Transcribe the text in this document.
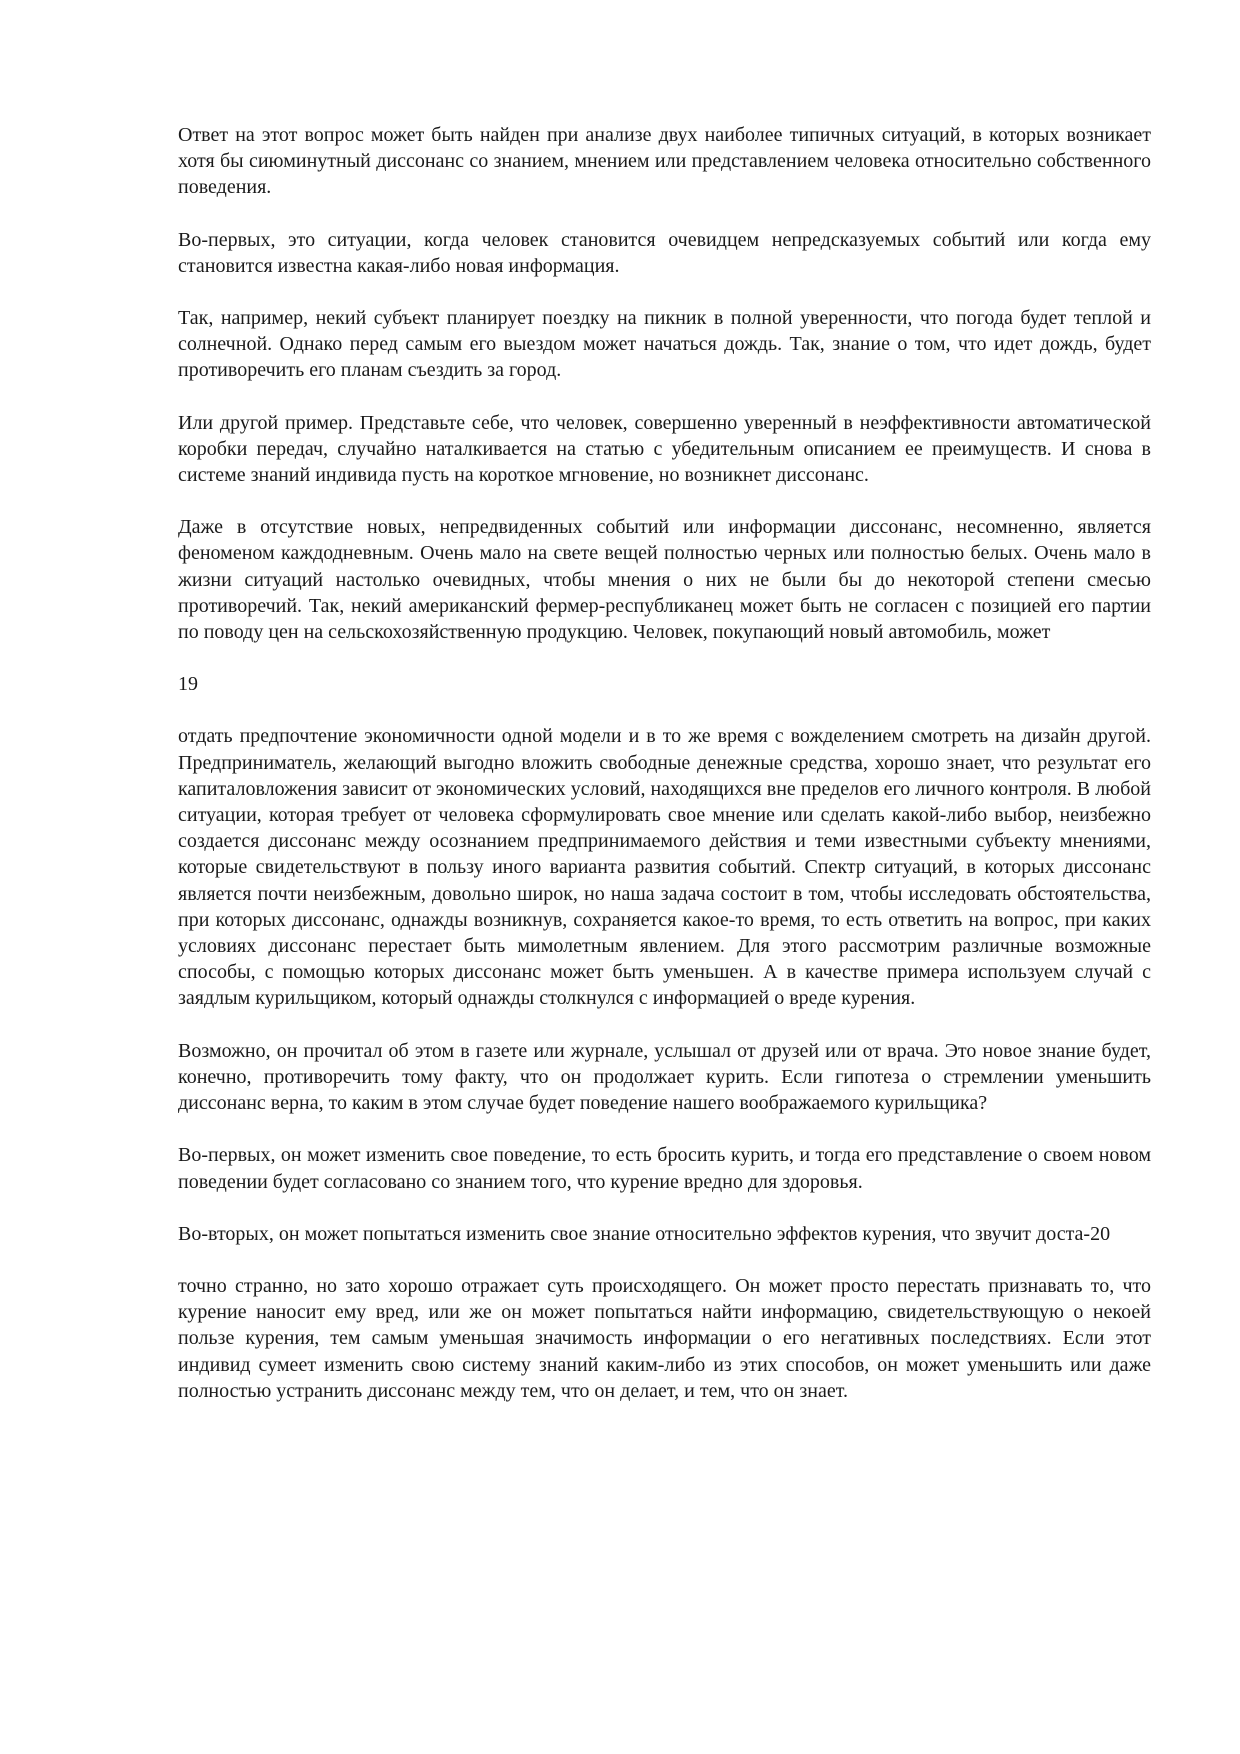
Ответ на этот вопрос может быть найден при анализе двух наиболее типичных ситуаций, в которых возникает хотя бы сиюминутный диссонанс со знанием, мнением или представлением человека относительно собственного поведения.

Во-первых, это ситуации, когда человек становится очевидцем непредсказуемых событий или когда ему становится известна какая-либо новая информация.

Так, например, некий субъект планирует поездку на пикник в полной уверенности, что погода будет теплой и солнечной. Однако перед самым его выездом может начаться дождь. Так, знание о том, что идет дождь, будет противоречить его планам съездить за город.

Или другой пример. Представьте себе, что человек, совершенно уверенный в неэффективности автоматической коробки передач, случайно наталкивается на статью с убедительным описанием ее преимуществ. И снова в системе знаний индивида пусть на короткое мгновение, но возникнет диссонанс.

Даже в отсутствие новых, непредвиденных событий или информации диссонанс, несомненно, является феноменом каждодневным. Очень мало на свете вещей полностью черных или полностью белых. Очень мало в жизни ситуаций настолько очевидных, чтобы мнения о них не были бы до некоторой степени смесью противоречий. Так, некий американский фермер-республиканец может быть не согласен с позицией его партии по поводу цен на сельскохозяйственную продукцию. Человек, покупающий новый автомобиль, может

19

отдать предпочтение экономичности одной модели и в то же время с вожделением смотреть на дизайн другой. Предприниматель, желающий выгодно вложить свободные денежные средства, хорошо знает, что результат его капиталовложения зависит от экономических условий, находящихся вне пределов его личного контроля. В любой ситуации, которая требует от человека сформулировать свое мнение или сделать какой-либо выбор, неизбежно создается диссонанс между осознанием предпринимаемого действия и теми известными субъекту мнениями, которые свидетельствуют в пользу иного варианта развития событий. Спектр ситуаций, в которых диссонанс является почти неизбежным, довольно широк, но наша задача состоит в том, чтобы исследовать обстоятельства, при которых диссонанс, однажды возникнув, сохраняется какое-то время, то есть ответить на вопрос, при каких условиях диссонанс перестает быть мимолетным явлением. Для этого рассмотрим различные возможные способы, с помощью которых диссонанс может быть уменьшен. А в качестве примера используем случай с заядлым курильщиком, который однажды столкнулся с информацией о вреде курения.

Возможно, он прочитал об этом в газете или журнале, услышал от друзей или от врача. Это новое знание будет, конечно, противоречить тому факту, что он продолжает курить. Если гипотеза о стремлении уменьшить диссонанс верна, то каким в этом случае будет поведение нашего воображаемого курильщика?

Во-первых, он может изменить свое поведение, то есть бросить курить, и тогда его представление о своем новом поведении будет согласовано со знанием того, что курение вредно для здоровья.

Во-вторых, он может попытаться изменить свое знание относительно эффектов курения, что звучит доста-20

точно странно, но зато хорошо отражает суть происходящего. Он может просто перестать признавать то, что курение наносит ему вред, или же он может попытаться найти информацию, свидетельствующую о некоей пользе курения, тем самым уменьшая значимость информации о его негативных последствиях. Если этот индивид сумеет изменить свою систему знаний каким-либо из этих способов, он может уменьшить или даже полностью устранить диссонанс между тем, что он делает, и тем, что он знает.
